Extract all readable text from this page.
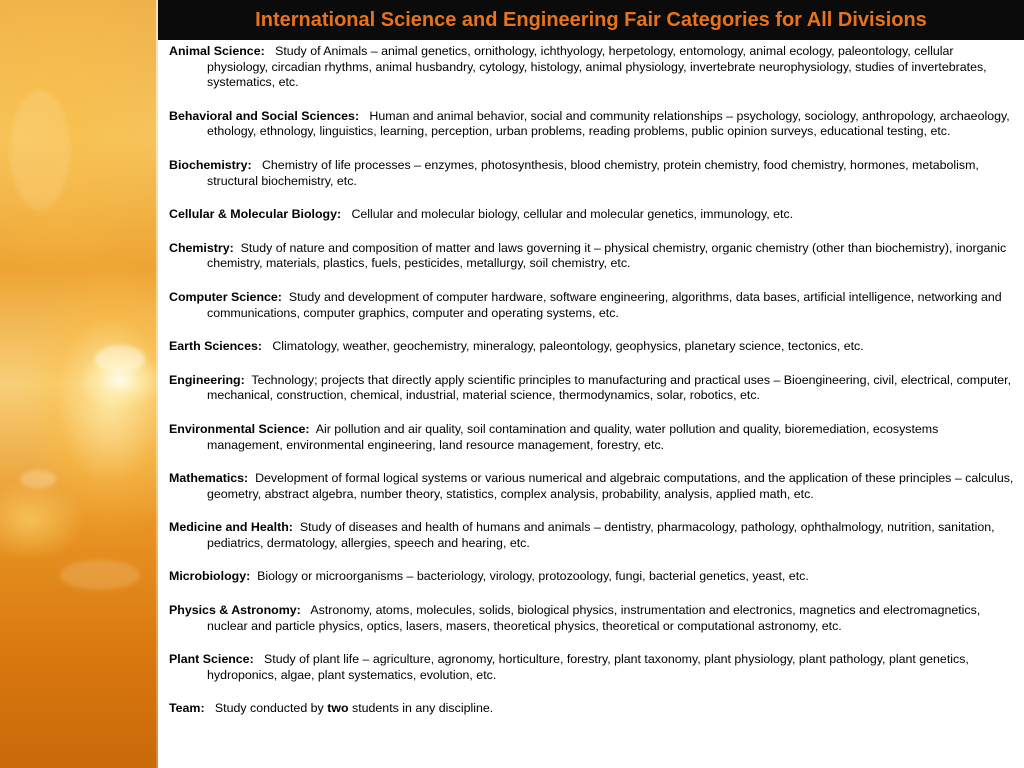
International Science and Engineering Fair Categories for All Divisions

Animal Science: Study of Animals – animal genetics, ornithology, ichthyology, herpetology, entomology, animal ecology, paleontology, cellular physiology, circadian rhythms, animal husbandry, cytology, histology, animal physiology, invertebrate neurophysiology, studies of invertebrates, systematics, etc.

Behavioral and Social Sciences: Human and animal behavior, social and community relationships – psychology, sociology, anthropology, archaeology, ethology, ethnology, linguistics, learning, perception, urban problems, reading problems, public opinion surveys, educational testing, etc.

Biochemistry: Chemistry of life processes – enzymes, photosynthesis, blood chemistry, protein chemistry, food chemistry, hormones, metabolism, structural biochemistry, etc.

Cellular & Molecular Biology: Cellular and molecular biology, cellular and molecular genetics, immunology, etc.

Chemistry: Study of nature and composition of matter and laws governing it – physical chemistry, organic chemistry (other than biochemistry), inorganic chemistry, materials, plastics, fuels, pesticides, metallurgy, soil chemistry, etc.

Computer Science: Study and development of computer hardware, software engineering, algorithms, data bases, artificial intelligence, networking and communications, computer graphics, computer and operating systems, etc.

Earth Sciences: Climatology, weather, geochemistry, mineralogy, paleontology, geophysics, planetary science, tectonics, etc.

Engineering: Technology; projects that directly apply scientific principles to manufacturing and practical uses – Bioengineering, civil, electrical, computer, mechanical, construction, chemical, industrial, material science, thermodynamics, solar, robotics, etc.

Environmental Science: Air pollution and air quality, soil contamination and quality, water pollution and quality, bioremediation, ecosystems management, environmental engineering, land resource management, forestry, etc.

Mathematics: Development of formal logical systems or various numerical and algebraic computations, and the application of these principles – calculus, geometry, abstract algebra, number theory, statistics, complex analysis, probability, analysis, applied math, etc.

Medicine and Health: Study of diseases and health of humans and animals – dentistry, pharmacology, pathology, ophthalmology, nutrition, sanitation, pediatrics, dermatology, allergies, speech and hearing, etc.

Microbiology: Biology or microorganisms – bacteriology, virology, protozoology, fungi, bacterial genetics, yeast, etc.

Physics & Astronomy: Astronomy, atoms, molecules, solids, biological physics, instrumentation and electronics, magnetics and electromagnetics, nuclear and particle physics, optics, lasers, masers, theoretical physics, theoretical or computational astronomy, etc.

Plant Science: Study of plant life – agriculture, agronomy, horticulture, forestry, plant taxonomy, plant physiology, plant pathology, plant genetics, hydroponics, algae, plant systematics, evolution, etc.

Team: Study conducted by two students in any discipline.
